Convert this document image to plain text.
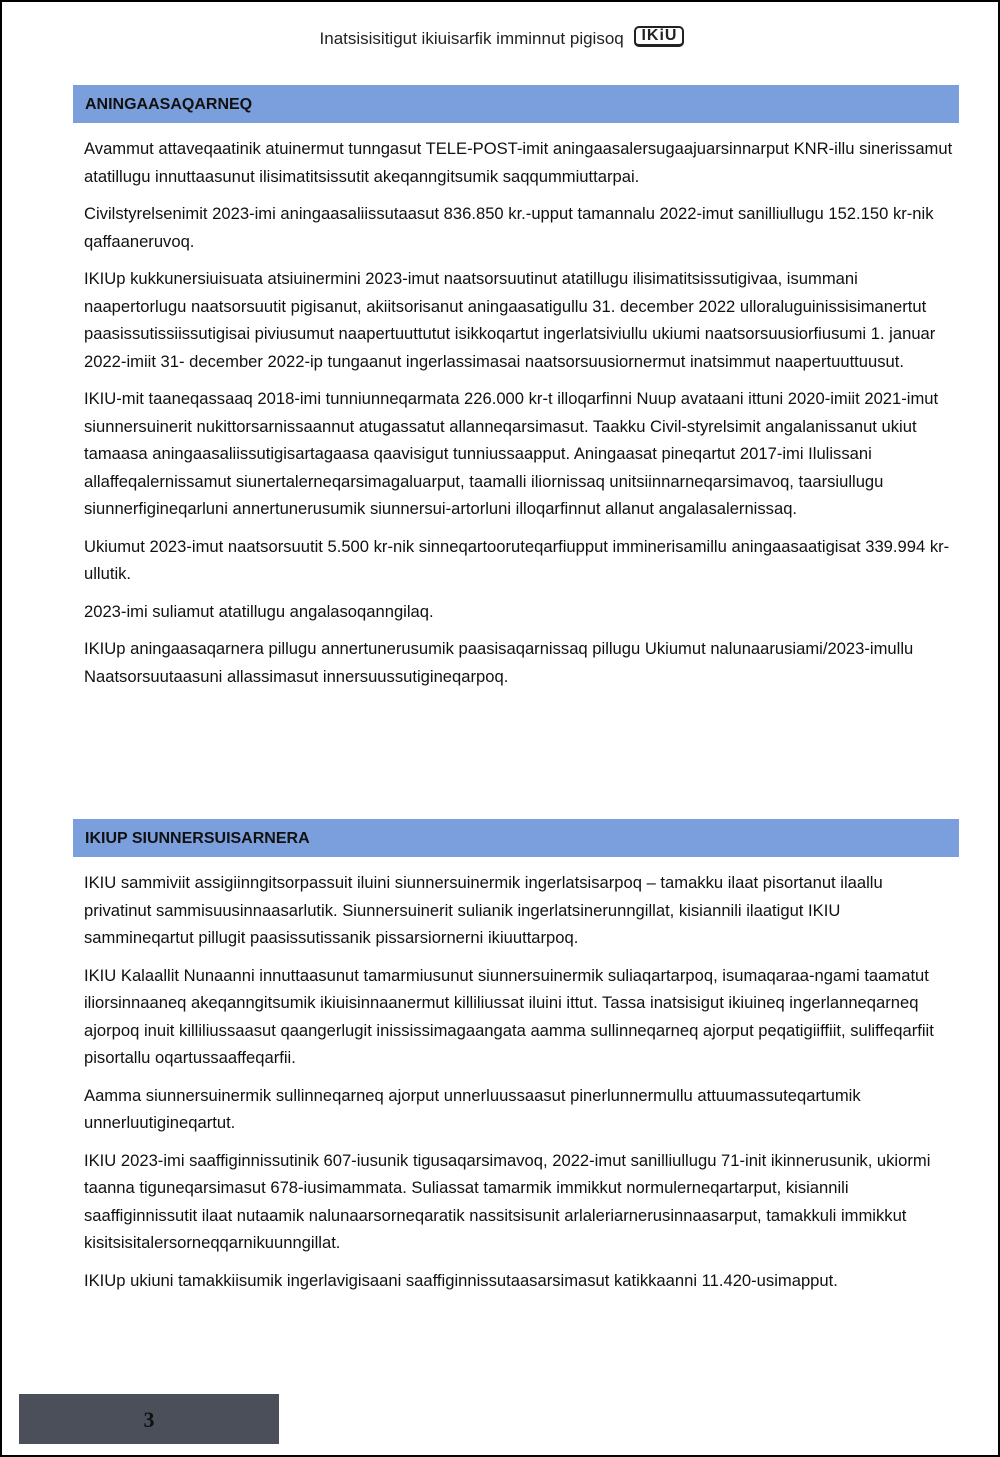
Inatsisisitigut ikiuisarfik imminnut pigisoq IKiU
ANINGAASAQARNEQ

Avammut attaveqaatinik atuinermut tunngasut TELE-POST-imit aningaasalersugaajuarsinnarput KNR-illu sinerissamut atatillugu innuttaasunut ilisimatitsissutit akeqanngitsumik saqqummiuttarpai.

Civilstyrelsenimit 2023-imi aningaasaliissutaasut 836.850 kr.-upput tamannalu 2022-imut sanilliullugu 152.150 kr-nik qaffaaneruvoq.

IKIUp kukkunersiuisuata atsiuinermini 2023-imut naatsorsuutinut atatillugu ilisimatitsissutigivaa, isummani naapertorlugu naatsorsuutit pigisanut, akiitsorisanut aningaasatigullu 31. december 2022 ulloraluguinissisimanertut paasissutissiissutigisai piviusumut naapertuuttutut isikkoqartut ingerlatsiviullu ukiumi naatsorsuusiorfiusumi 1. januar 2022-imiit 31- december 2022-ip tungaanut ingerlassimasai naatsorsuusiornermut inatsimmut naapertuuttuusut.

IKIU-mit taaneqassaaq 2018-imi tunniunneqarmata 226.000 kr-t illoqarfinni Nuup avataani ittuni 2020-imiit 2021-imut siunnersuinerit nukittorsarnissaannut atugassatut allanneqarsimasut. Taakku Civil-styrelsimit angalanissanut ukiut tamaasa aningaasaliissutigisartagaasa qaavisigut tunniussaapput. Aningaasat pineqartut 2017-imi Ilulissani allaffeqalernissamut siunertalerneqarsimagaluarput, taamalli iliornissaq unitsiinnarneqarsimavoq, taarsiullugu siunnerfigineqarluni annertunerusumik siunnersui-artorluni illoqarfinnut allanut angalasalernissaq.

Ukiumut 2023-imut naatsorsuutit 5.500 kr-nik sinneqartooruteqarfiupput imminerisamillu aningaasaatigisat 339.994 kr-ullutik.

2023-imi suliamut atatillugu angalasoqanngilaq.

IKIUp aningaasaqarnera pillugu annertunerusumik paasisaqarnissaq pillugu Ukiumut nalunaarusiami/2023-imullu Naatsorsuutaasuni allassimasut innersuussutigineqarpoq.

IKIUP SIUNNERSUISARNERA

IKIU sammiviit assigiinngitsorpassuit iluini siunnersuinermik ingerlatsisarpoq – tamakku ilaat pisortanut ilaallu privatinut sammisuusinnaasarlutik. Siunnersuinerit sulianik ingerlatsinerunngillat, kisiannili ilaatigut IKIU sammineqartut pillugit paasissutissanik pissarsiornerni ikiuuttarpoq.

IKIU Kalaallit Nunaanni innuttaasunut tamarmiusunut siunnersuinermik suliaqartarpoq, isumaqaraa-ngami taamatut iliorsinnaaneq akeqanngitsumik ikiuisinnaanermut killiliussat iluini ittut. Tassa inatsisigut ikiuineq ingerlanneqarneq ajorpoq inuit killiliussaasut qaangerlugit inississimagaangata aamma sullinneqarneq ajorput peqatigiiffiit, suliffeqarfiit pisortallu oqartussaaffeqarfii.

Aamma siunnersuinermik sullinneqarneq ajorput unnerluussaasut pinerlunnermullu attuumassuteqartumik unnerluutigineqartut.

IKIU 2023-imi saaffiginnissutinik 607-iusunik tigusaqarsimavoq, 2022-imut sanilliullugu 71-init ikinnerusunik, ukiormi taanna tiguneqarsimasut 678-iusimammata. Suliassat tamarmik immikkut normulerneqartarput, kisiannili saaffiginnissutit ilaat nutaamik nalunaarsorneqaratik nassitsisunit arlaleriarnerusinnaasarput, tamakkuli immikkut kisitsisitalersorneqqarnikuunngillat.

IKIUp ukiuni tamakkiisumik ingerlavigisaani saaffiginnissutaasarsimasut katikkaanni 11.420-usimapput.

3
